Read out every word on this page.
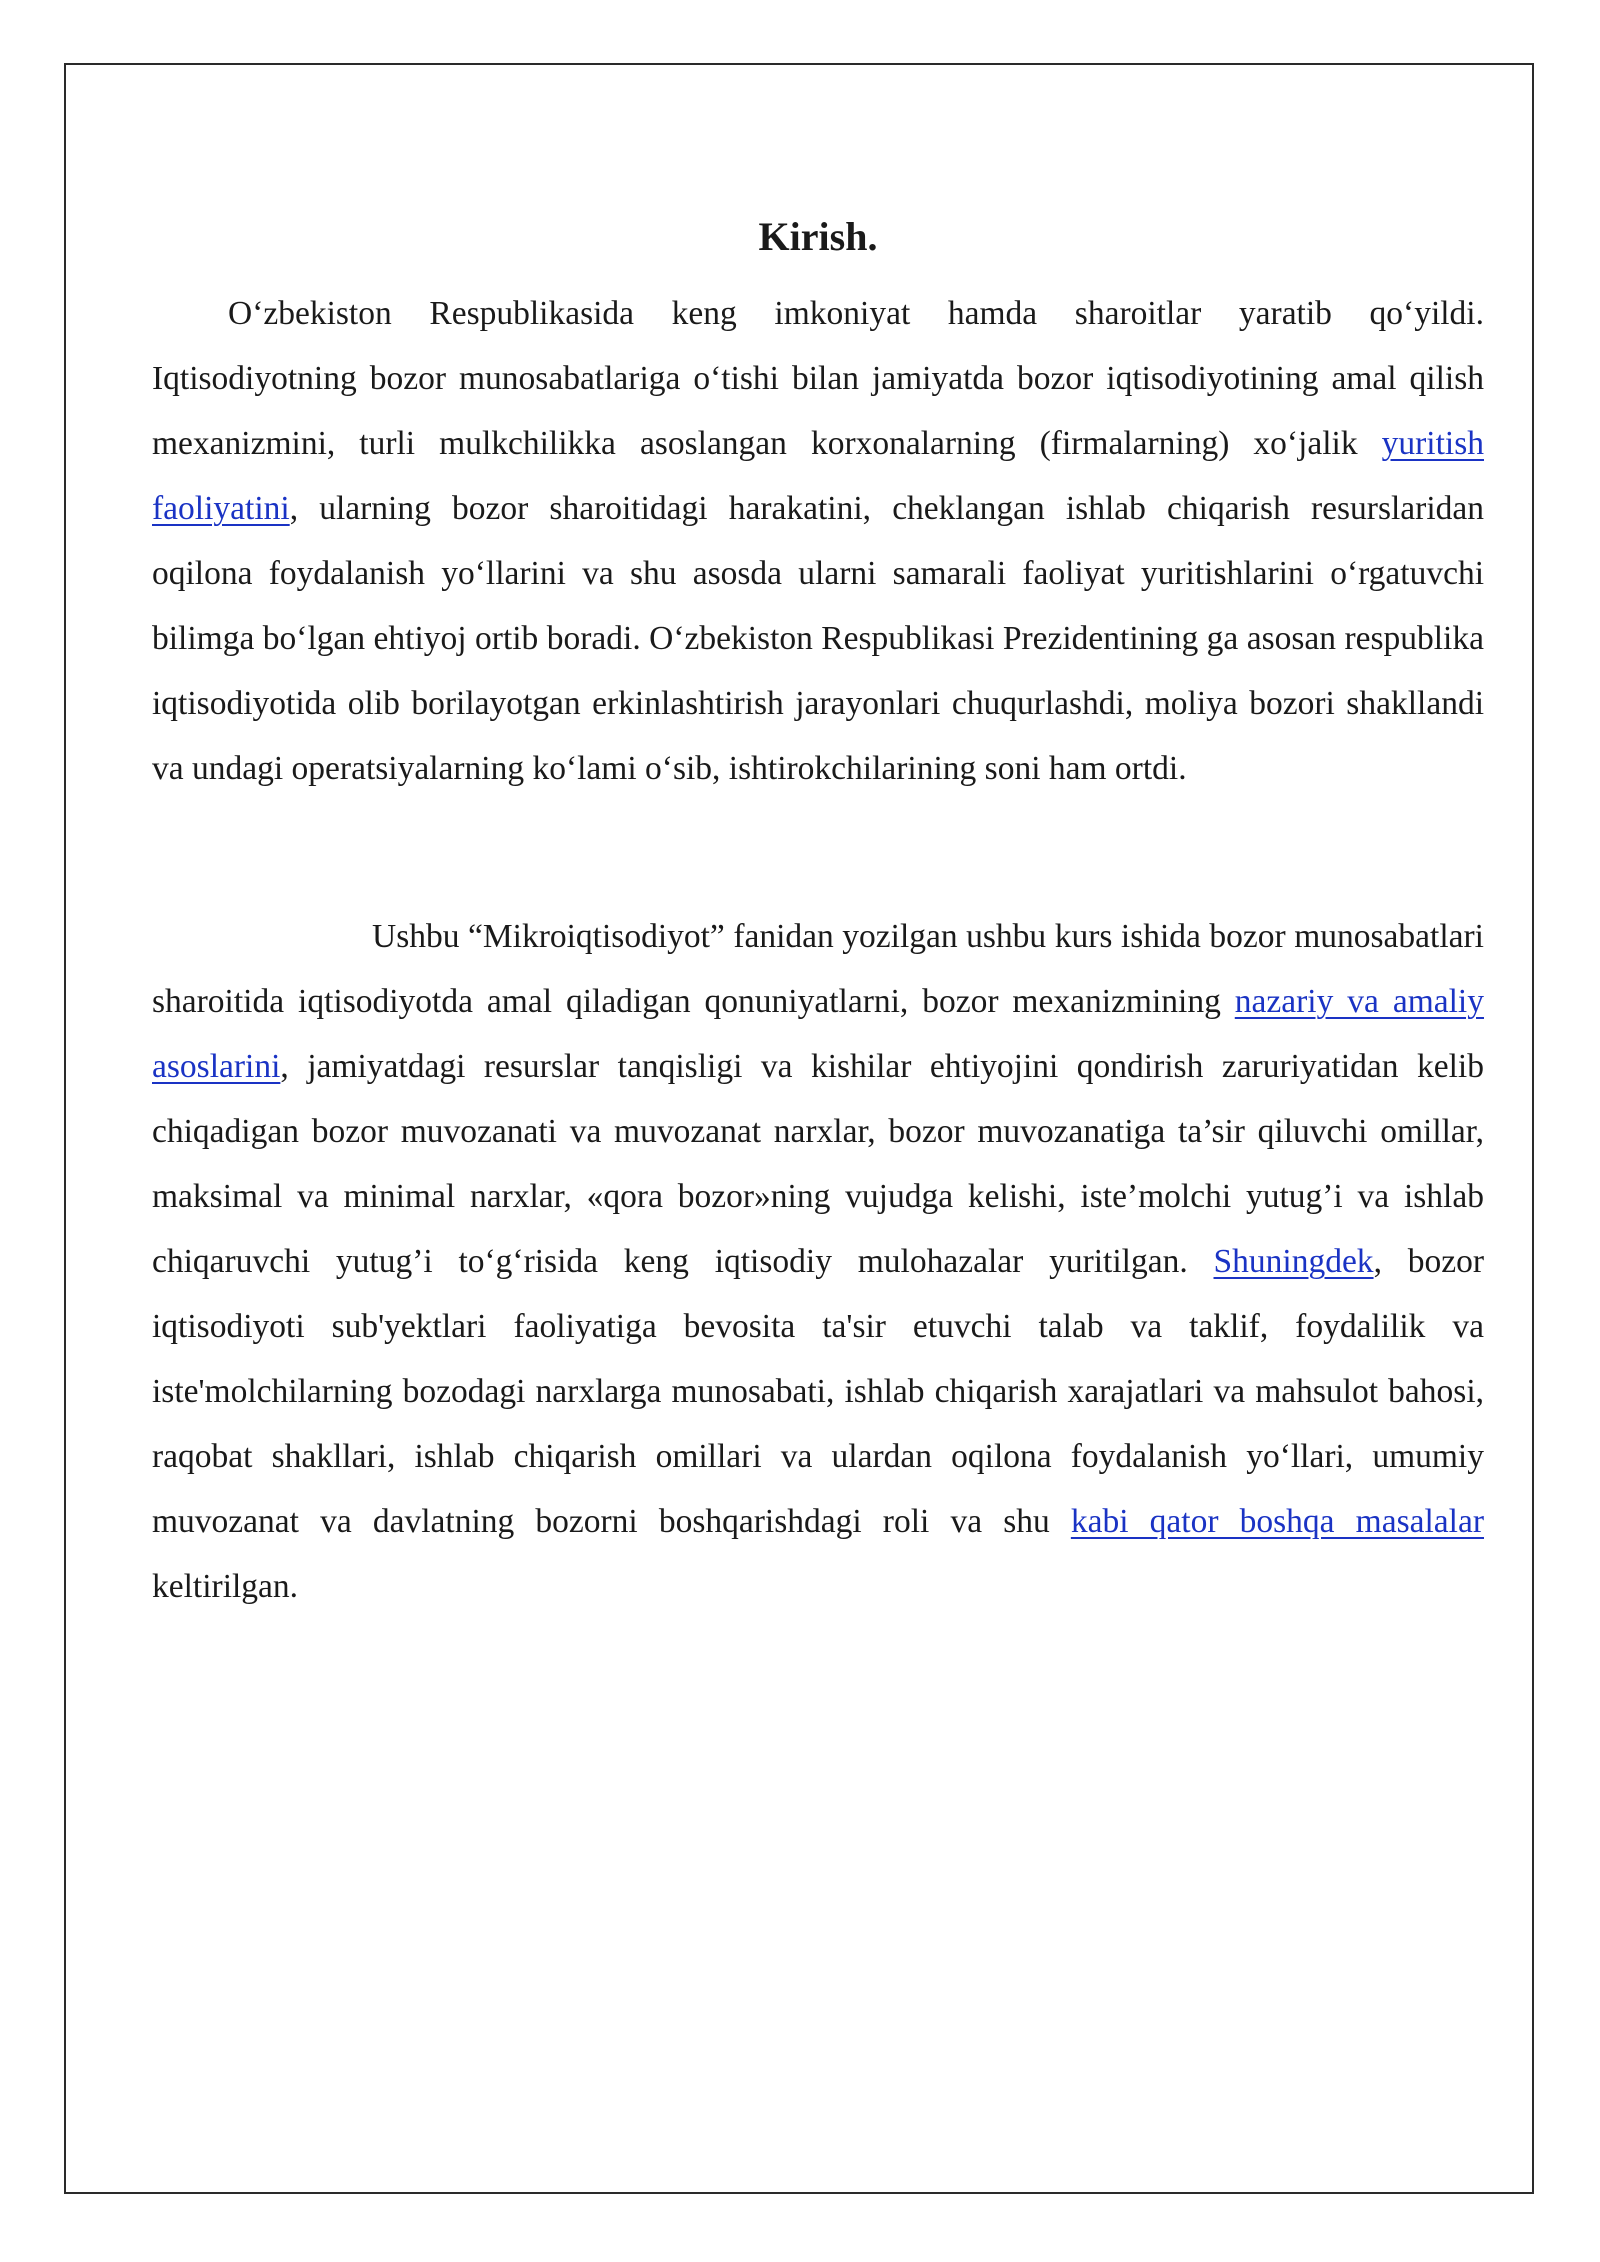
Kirish.

O‘zbekiston Respublikasida keng imkoniyat hamda sharoitlar yaratib qo‘yildi. Iqtisodiyotning bozor munosabatlariga o‘tishi bilan jamiyatda bozor iqtisodiyotining amal qilish mexanizmini, turli mulkchilikka asoslangan korxonalarning (firmalarning) xo‘jalik yuritish faoliyatini, ularning bozor sharoitidagi harakatini, cheklangan ishlab chiqarish resurslaridan oqilona foydalanish yo‘llarini va shu asosda ularni samarali faoliyat yuritishlarini o‘rgatuvchi bilimga bo‘lgan ehtiyoj ortib boradi. O‘zbekiston Respublikasi Prezidentining ga asosan respublika iqtisodiyotida olib borilayotgan erkinlashtirish jarayonlari chuqurlashdi, moliya bozori shakllandi va undagi operatsiyalarning ko‘lami o‘sib, ishtirokchilarining soni ham ortdi.

Ushbu “Mikroiqtisodiyot” fanidan yozilgan ushbu kurs ishida bozor munosabatlari sharoitida iqtisodiyotda amal qiladigan qonuniyatlarni, bozor mexanizmining nazariy va amaliy asoslarini, jamiyatdagi resurslar tanqisligi va kishilar ehtiyojini qondirish zaruriyatidan kelib chiqadigan bozor muvozanati va muvozanat narxlar, bozor muvozanatiga ta’sir qiluvchi omillar, maksimal va minimal narxlar, «qora bozor»ning vujudga kelishi, iste’molchi yutug’i va ishlab chiqaruvchi yutug’i to‘g‘risida keng iqtisodiy mulohazalar yuritilgan. Shuningdek, bozor iqtisodiyoti sub'yektlari faoliyatiga bevosita ta'sir etuvchi talab va taklif, foydalilik va iste'molchilarning bozodagi narxlarga munosabati, ishlab chiqarish xarajatlari va mahsulot bahosi, raqobat shakllari, ishlab chiqarish omillari va ulardan oqilona foydalanish yo‘llari, umumiy muvozanat va davlatning bozorni boshqarishdagi roli va shu kabi qator boshqa masalalar keltirilgan.
